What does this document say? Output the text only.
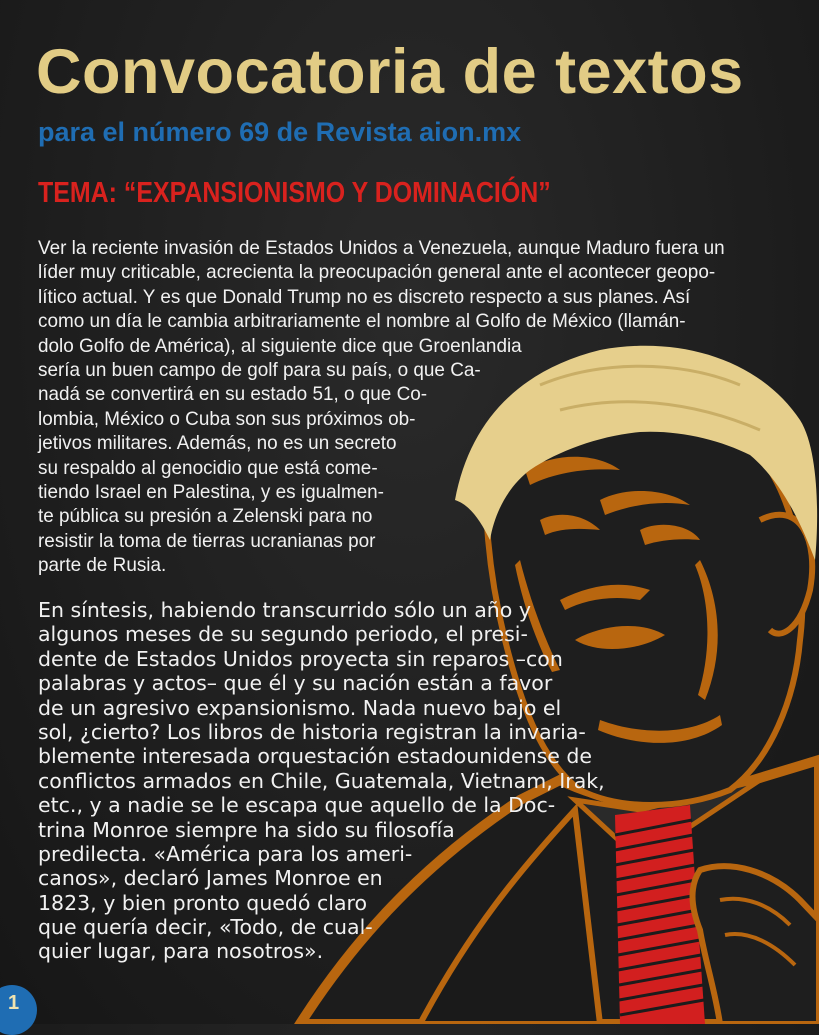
Convocatoria de textos
para el número 69 de Revista aion.mx
TEMA: “EXPANSIONISMO Y DOMINACIÓN”
Ver la reciente invasión de Estados Unidos a Venezuela, aunque Maduro fuera un
líder muy criticable, acrecienta la preocupación general ante el acontecer geopo-
lítico actual. Y es que Donald Trump no es discreto respecto a sus planes. Así
como un día le cambia arbitrariamente el nombre al Golfo de México (llamán-
dolo Golfo de América), al siguiente dice que Groenlandia
sería un buen campo de golf para su país, o que Ca-
nadá se convertirá en su estado 51, o que Co-
lombia, México o Cuba son sus próximos ob-
jetivos militares. Además, no es un secreto
su respaldo al genocidio que está come-
tiendo Israel en Palestina, y es igualmen-
te pública su presión a Zelenski para no
resistir la toma de tierras ucranianas por
parte de Rusia.
En síntesis, habiendo transcurrido sólo un año y
algunos meses de su segundo periodo, el presi-
dente de Estados Unidos proyecta sin reparos –con
palabras y actos– que él y su nación están a favor
de un agresivo expansionismo. Nada nuevo bajo el
sol, ¿cierto? Los libros de historia registran la invaria-
blemente interesada orquestación estadounidense de
conflictos armados en Chile, Guatemala, Vietnam, Irak,
etc., y a nadie se le escapa que aquello de la Doc-
trina Monroe siempre ha sido su filosofía
predilecta. «América para los ameri-
canos», declaró James Monroe en
1823, y bien pronto quedó claro
que quería decir, «Todo, de cual-
quier lugar, para nosotros».
1
